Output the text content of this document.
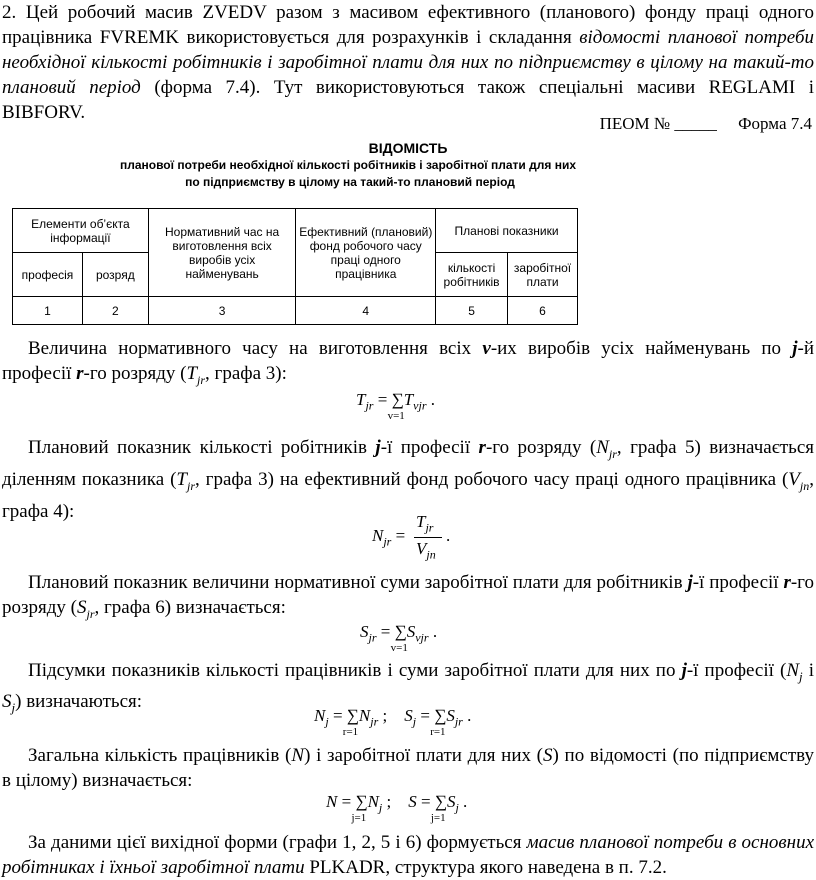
2. Цей робочий масив ZVEDV разом з масивом ефективного (планового) фонду праці одного працівника FVREMK використовується для розрахунків і складання відомості планової потреби необхідної кількості робітників і заробітної плати для них по підприємству в цілому на такий-то плановий період (форма 7.4). Тут використовуються також спеціальні масиви REGLAMI і BIBFORV.
ПЕОМ № _____ Форма 7.4
ВІДОМІСТЬ
планової потреби необхідної кількості робітників і заробітної плати для них
по підприємству в цілому на такий-то плановий період
Елементи об’єкта інформації		Нормативний час на виготовлення всіх виробів усіх найменувань	Ефективний (плановий) фонд робочого часу праці одного працівника	Планові показники	
професія	розряд			кількості робітників	заробітної плати
1	2	3	4	5	6
Величина нормативного часу на виготовлення всіх v-их виробів усіх найменувань по j-й професії r-го розряду ($T_{jr}$, графа 3):
$T_{jr}$ = ∑
v=1
$T_{vjr}$ .
Плановий показник кількості робітників j-ї професії r-го розряду ($N_{jr}$, графа 5) визначається діленням показника ($T_{jr}$, графа 3) на ефективний фонд робочого часу праці одного працівника ($V_{jn}$, графа 4):
$N_{jr}$ =
$T_{jr}$
$V_{jn}$
.
Плановий показник величини нормативної суми заробітної плати для робітників j-ї професії r-го розряду ($S_{jr}$, графа 6) визначається:
$S_{jr}$ = ∑
v=1
$S_{vjr}$ .
Підсумки показників кількості працівників і суми заробітної плати для них по j-ї професії ($N_j$ і $S_j$) визначаються:
$N_j$ = ∑
r=1
$N_{jr}$ ; $S_j$ = ∑
r=1
$S_{jr}$ .
Загальна кількість працівників (N) і заробітної плати для них (S) по відомості (по підприємству в цілому) визначається:
N = ∑
j=1
$N_j$ ; S = ∑
j=1
$S_j$ .
За даними цієї вихідної форми (графи 1, 2, 5 і 6) формується масив планової потреби в основних робітниках і їхньої заробітної плати PLKADR, структура якого наведена в п. 7.2.
